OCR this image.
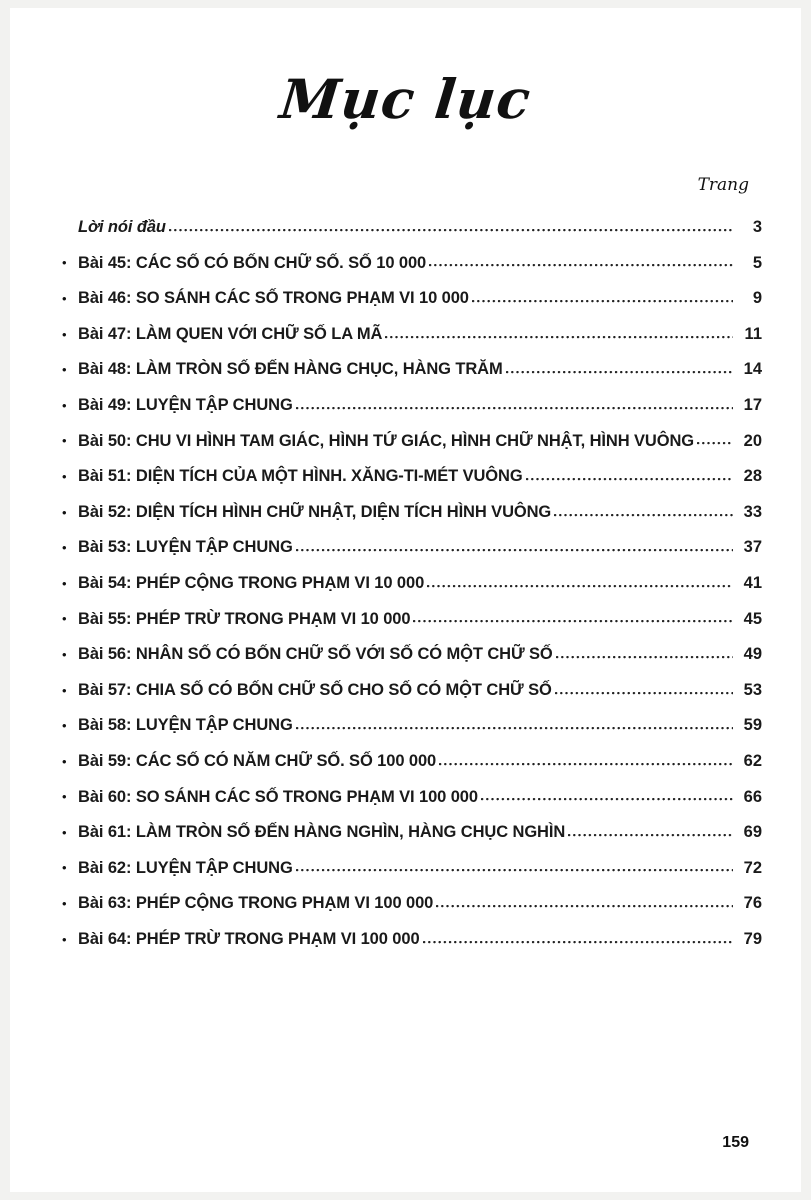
Mục lục
Trang
Lời nói đầu	3
• Bài 45: CÁC SỐ CÓ BỐN CHỮ SỐ. SỐ 10 000	5
• Bài 46: SO SÁNH CÁC SỐ TRONG PHẠM VI 10 000	9
• Bài 47: LÀM QUEN VỚI CHỮ SỐ LA MÃ	11
• Bài 48: LÀM TRÒN SỐ ĐẾN HÀNG CHỤC, HÀNG TRĂM	14
• Bài 49: LUYỆN TẬP CHUNG	17
• Bài 50: CHU VI HÌNH TAM GIÁC, HÌNH TỨ GIÁC, HÌNH CHỮ NHẬT, HÌNH VUÔNG	20
• Bài 51: DIỆN TÍCH CỦA MỘT HÌNH. XĂNG-TI-MÉT VUÔNG	28
• Bài 52: DIỆN TÍCH HÌNH CHỮ NHẬT, DIỆN TÍCH HÌNH VUÔNG	33
• Bài 53: LUYỆN TẬP CHUNG	37
• Bài 54: PHÉP CỘNG TRONG PHẠM VI 10 000	41
• Bài 55: PHÉP TRỪ TRONG PHẠM VI 10 000	45
• Bài 56: NHÂN SỐ CÓ BỐN CHỮ SỐ VỚI SỐ CÓ MỘT CHỮ SỐ	49
• Bài 57: CHIA SỐ CÓ BỐN CHỮ SỐ CHO SỐ CÓ MỘT CHỮ SỐ	53
• Bài 58: LUYỆN TẬP CHUNG	59
• Bài 59: CÁC SỐ CÓ NĂM CHỮ SỐ. SỐ 100 000	62
• Bài 60: SO SÁNH CÁC SỐ TRONG PHẠM VI 100 000	66
• Bài 61: LÀM TRÒN SỐ ĐẾN HÀNG NGHÌN, HÀNG CHỤC NGHÌN	69
• Bài 62: LUYỆN TẬP CHUNG	72
• Bài 63: PHÉP CỘNG TRONG PHẠM VI 100 000	76
• Bài 64: PHÉP TRỪ TRONG PHẠM VI 100 000	79
159
